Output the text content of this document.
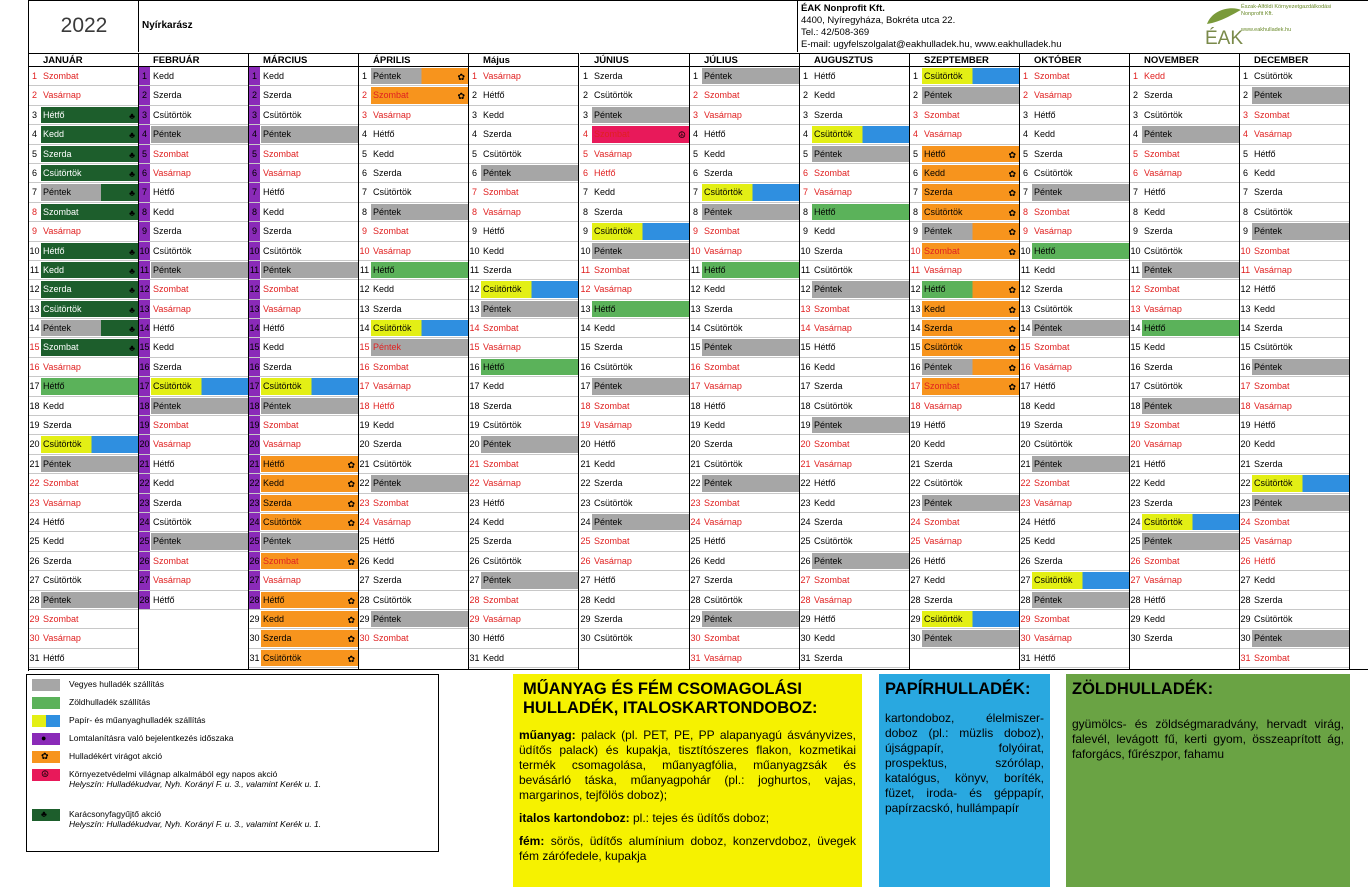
2022	Nyírkarász
ÉAK Nonprofit Kft.
4400, Nyíregyháza, Bokréta utca 22.
Tel.: 42/508-369
E-mail: ugyfelszolgalat@eakhulladek.hu, www.eakhulladek.hu	ÉAK
Észak-Alföldi Környezetgazdálkodási Nonprofit Kft.
www.eakhulladek.hu
JANUÁR
1 Szombat
2 Vasárnap
3 Hétfő	♣
4 Kedd	♣
5 Szerda	♣
6 Csütörtök	♣
7 Péntek	♣
8 Szombat	♣
9 Vasárnap
10 Hétfő	♣
11 Kedd	♣
12 Szerda	♣
13 Csütörtök	♣
14 Péntek	♣
15 Szombat	♣
16 Vasárnap
17 Hétfő
18 Kedd
19 Szerda
20 Csütörtök
21 Péntek
22 Szombat
23 Vasárnap
24 Hétfő
25 Kedd
26 Szerda
27 Csütörtök
28 Péntek
29 Szombat
30 Vasárnap
31 Hétfő
FEBRUÁR
1 Kedd
2 Szerda
3 Csütörtök
4 Péntek
5 Szombat
6 Vasárnap
7 Hétfő
8 Kedd
9 Szerda
10 Csütörtök
11 Péntek
12 Szombat
13 Vasárnap
14 Hétfő
15 Kedd
16 Szerda
17 Csütörtök
18 Péntek
19 Szombat
20 Vasárnap
21 Hétfő
22 Kedd
23 Szerda
24 Csütörtök
25 Péntek
26 Szombat
27 Vasárnap
28 Hétfő
MÁRCIUS
1 Kedd
2 Szerda
3 Csütörtök
4 Péntek
5 Szombat
6 Vasárnap
7 Hétfő
8 Kedd
9 Szerda
10 Csütörtök
11 Péntek
12 Szombat
13 Vasárnap
14 Hétfő
15 Kedd
16 Szerda
17 Csütörtök
18 Péntek
19 Szombat
20 Vasárnap
21 Hétfő	✿
22 Kedd	✿
23 Szerda	✿
24 Csütörtök	✿
25 Péntek
26 Szombat	✿
27 Vasárnap
28 Hétfő	✿
29 Kedd	✿
30 Szerda	✿
31 Csütörtök	✿
ÁPRILIS
1 Péntek	✿
2 Szombat	✿
3 Vasárnap
4 Hétfő
5 Kedd
6 Szerda
7 Csütörtök
8 Péntek
9 Szombat
10 Vasárnap
11 Hétfő
12 Kedd
13 Szerda
14 Csütörtök
15 Péntek
16 Szombat
17 Vasárnap
18 Hétfő
19 Kedd
20 Szerda
21 Csütörtök
22 Péntek
23 Szombat
24 Vasárnap
25 Hétfő
26 Kedd
27 Szerda
28 Csütörtök
29 Péntek
30 Szombat
Május
1 Vasárnap
2 Hétfő
3 Kedd
4 Szerda
5 Csütörtök
6 Péntek
7 Szombat
8 Vasárnap
9 Hétfő
10 Kedd
11 Szerda
12 Csütörtök
13 Péntek
14 Szombat
15 Vasárnap
16 Hétfő
17 Kedd
18 Szerda
19 Csütörtök
20 Péntek
21 Szombat
22 Vasárnap
23 Hétfő
24 Kedd
25 Szerda
26 Csütörtök
27 Péntek
28 Szombat
29 Vasárnap
30 Hétfő
31 Kedd
JÚNIUS
1 Szerda
2 Csütörtök
3 Péntek
4 Szombat	☮
5 Vasárnap
6 Hétfő
7 Kedd
8 Szerda
9 Csütörtök
10 Péntek
11 Szombat
12 Vasárnap
13 Hétfő
14 Kedd
15 Szerda
16 Csütörtök
17 Péntek
18 Szombat
19 Vasárnap
20 Hétfő
21 Kedd
22 Szerda
23 Csütörtök
24 Péntek
25 Szombat
26 Vasárnap
27 Hétfő
28 Kedd
29 Szerda
30 Csütörtök
JÚLIUS
1 Péntek
2 Szombat
3 Vasárnap
4 Hétfő
5 Kedd
6 Szerda
7 Csütörtök
8 Péntek
9 Szombat
10 Vasárnap
11 Hétfő
12 Kedd
13 Szerda
14 Csütörtök
15 Péntek
16 Szombat
17 Vasárnap
18 Hétfő
19 Kedd
20 Szerda
21 Csütörtök
22 Péntek
23 Szombat
24 Vasárnap
25 Hétfő
26 Kedd
27 Szerda
28 Csütörtök
29 Péntek
30 Szombat
31 Vasárnap
AUGUSZTUS
1 Hétfő
2 Kedd
3 Szerda
4 Csütörtök
5 Péntek
6 Szombat
7 Vasárnap
8 Hétfő
9 Kedd
10 Szerda
11 Csütörtök
12 Péntek
13 Szombat
14 Vasárnap
15 Hétfő
16 Kedd
17 Szerda
18 Csütörtök
19 Péntek
20 Szombat
21 Vasárnap
22 Hétfő
23 Kedd
24 Szerda
25 Csütörtök
26 Péntek
27 Szombat
28 Vasárnap
29 Hétfő
30 Kedd
31 Szerda
SZEPTEMBER
1 Csütörtök
2 Péntek
3 Szombat
4 Vasárnap
5 Hétfő	✿
6 Kedd	✿
7 Szerda	✿
8 Csütörtök	✿
9 Péntek	✿
10 Szombat	✿
11 Vasárnap
12 Hétfő	✿
13 Kedd	✿
14 Szerda	✿
15 Csütörtök	✿
16 Péntek	✿
17 Szombat	✿
18 Vasárnap
19 Hétfő
20 Kedd
21 Szerda
22 Csütörtök
23 Péntek
24 Szombat
25 Vasárnap
26 Hétfő
27 Kedd
28 Szerda
29 Csütörtök
30 Péntek
OKTÓBER
1 Szombat
2 Vasárnap
3 Hétfő
4 Kedd
5 Szerda
6 Csütörtök
7 Péntek
8 Szombat
9 Vasárnap
10 Hétfő
11 Kedd
12 Szerda
13 Csütörtök
14 Péntek
15 Szombat
16 Vasárnap
17 Hétfő
18 Kedd
19 Szerda
20 Csütörtök
21 Péntek
22 Szombat
23 Vasárnap
24 Hétfő
25 Kedd
26 Szerda
27 Csütörtök
28 Péntek
29 Szombat
30 Vasárnap
31 Hétfő
NOVEMBER
1 Kedd
2 Szerda
3 Csütörtök
4 Péntek
5 Szombat
6 Vasárnap
7 Hétfő
8 Kedd
9 Szerda
10 Csütörtök
11 Péntek
12 Szombat
13 Vasárnap
14 Hétfő
15 Kedd
16 Szerda
17 Csütörtök
18 Péntek
19 Szombat
20 Vasárnap
21 Hétfő
22 Kedd
23 Szerda
24 Csütörtök
25 Péntek
26 Szombat
27 Vasárnap
28 Hétfő
29 Kedd
30 Szerda
DECEMBER
1 Csütörtök
2 Péntek
3 Szombat
4 Vasárnap
5 Hétfő
6 Kedd
7 Szerda
8 Csütörtök
9 Péntek
10 Szombat
11 Vasárnap
12 Hétfő
13 Kedd
14 Szerda
15 Csütörtök
16 Péntek
17 Szombat
18 Vasárnap
19 Hétfő
20 Kedd
21 Szerda
22 Csütörtök
23 Péntek
24 Szombat
25 Vasárnap
26 Hétfő
27 Kedd
28 Szerda
29 Csütörtök
30 Péntek
31 Szombat
Vegyes hulladék szállítás
Zöldhulladék szállítás
Papír- és műanyaghulladék szállítás
●	Lomtalanításra való bejelentkezés időszaka
✿ Hulladékért virágot akció
☮ Környezetvédelmi világnap alkalmából egy napos akció
Helyszín: Hulladékudvar, Nyh. Korányi F. u. 3., valamint Kerék u. 1.
♣	Karácsonyfagyűjtő akció
Helyszín: Hulladékudvar, Nyh. Korányi F. u. 3., valamint Kerék u. 1.
MŰANYAG ÉS FÉM CSOMAGOLÁSI HULLADÉK, ITALOSKARTONDOBOZ:
műanyag: palack (pl. PET, PE, PP alapanyagú ásványvizes, üdítős palack) és kupakja, tisztítószeres flakon, kozmetikai termék csomagolása, műanyagfólia, műanyagzsák és bevásárló táska, műanyagpohár (pl.: joghurtos, vajas, margarinos, tejfölös doboz);
italos kartondoboz: pl.: tejes és üdítős doboz;
fém: sörös, üdítős alumínium doboz, konzervdoboz, üvegek fém zárófedele, kupakja
PAPÍRHULLADÉK:
kartondoboz, élelmiszer-doboz (pl.: müzlis doboz), újságpapír, folyóirat, prospektus, szórólap, katalógus, könyv, boríték, füzet, iroda- és géppapír, papírzacskó, hullámpapír
ZÖLDHULLADÉK:
gyümölcs- és zöldségmaradvány, hervadt virág, falevél, levágott fű, kerti gyom, összeaprított ág, faforgács, fűrészpor, fahamu
